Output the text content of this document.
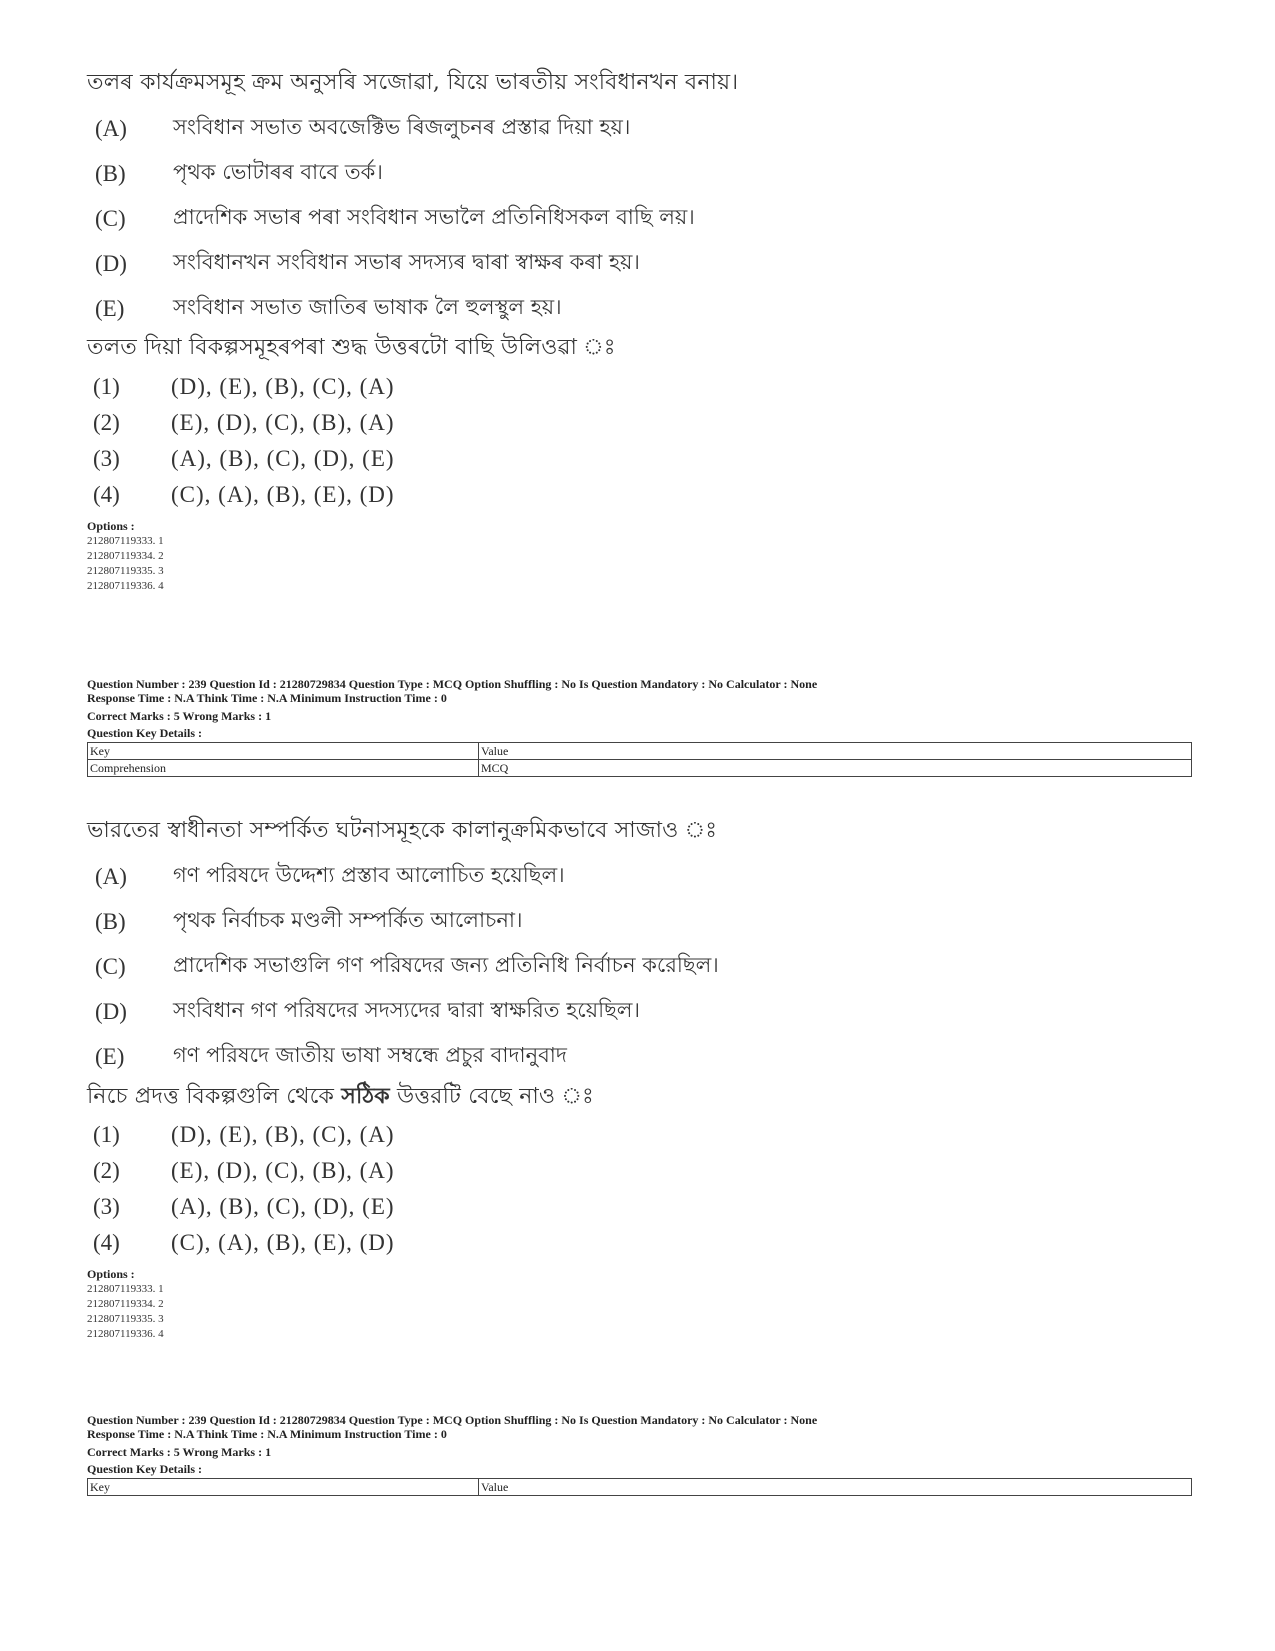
তলৰ কাৰ্যক্ৰমসমূহ ক্ৰম অনুসৰি সজোৱা, যিয়ে ভাৰতীয় সংবিধানখন বনায়।
(A)	সংবিধান সভাত অবজেক্টিভ ৰিজলুচনৰ প্ৰস্তাৱ দিয়া হয়।
(B)	পৃথক ভোটাৰৰ বাবে তৰ্ক।
(C)	প্ৰাদেশিক সভাৰ পৰা সংবিধান সভালৈ প্ৰতিনিধিসকল বাছি লয়।
(D)	সংবিধানখন সংবিধান সভাৰ সদস্যৰ দ্বাৰা স্বাক্ষৰ কৰা হয়।
(E)	সংবিধান সভাত জাতিৰ ভাষাক লৈ হুলস্থুল হয়।
তলত দিয়া বিকল্পসমূহৰপৰা শুদ্ধ উত্তৰটো বাছি উলিওৱা ঃ
(1)	(D), (E), (B), (C), (A)
(2)	(E), (D), (C), (B), (A)
(3)	(A), (B), (C), (D), (E)
(4)	(C), (A), (B), (E), (D)
Options :
212807119333. 1
212807119334. 2
212807119335. 3
212807119336. 4
Question Number : 239 Question Id : 21280729834 Question Type : MCQ Option Shuffling : No Is Question Mandatory : No Calculator : None
Response Time : N.A Think Time : N.A Minimum Instruction Time : 0
Correct Marks : 5 Wrong Marks : 1
Question Key Details :
Key	Value
Comprehension	MCQ
ভারতের স্বাধীনতা সম্পর্কিত ঘটনাসমূহকে কালানুক্রমিকভাবে সাজাও ঃ
(A)	গণ পরিষদে উদ্দেশ্য প্রস্তাব আলোচিত হয়েছিল।
(B)	পৃথক নির্বাচক মণ্ডলী সম্পর্কিত আলোচনা।
(C)	প্রাদেশিক সভাগুলি গণ পরিষদের জন্য প্রতিনিধি নির্বাচন করেছিল।
(D)	সংবিধান গণ পরিষদের সদস্যদের দ্বারা স্বাক্ষরিত হয়েছিল।
(E)	গণ পরিষদে জাতীয় ভাষা সম্বন্ধে প্রচুর বাদানুবাদ
নিচে প্রদত্ত বিকল্পগুলি থেকে সঠিক উত্তরটি বেছে নাও ঃ
(1)	(D), (E), (B), (C), (A)
(2)	(E), (D), (C), (B), (A)
(3)	(A), (B), (C), (D), (E)
(4)	(C), (A), (B), (E), (D)
Options :
212807119333. 1
212807119334. 2
212807119335. 3
212807119336. 4
Question Number : 239 Question Id : 21280729834 Question Type : MCQ Option Shuffling : No Is Question Mandatory : No Calculator : None
Response Time : N.A Think Time : N.A Minimum Instruction Time : 0
Correct Marks : 5 Wrong Marks : 1
Question Key Details :
Key	Value
